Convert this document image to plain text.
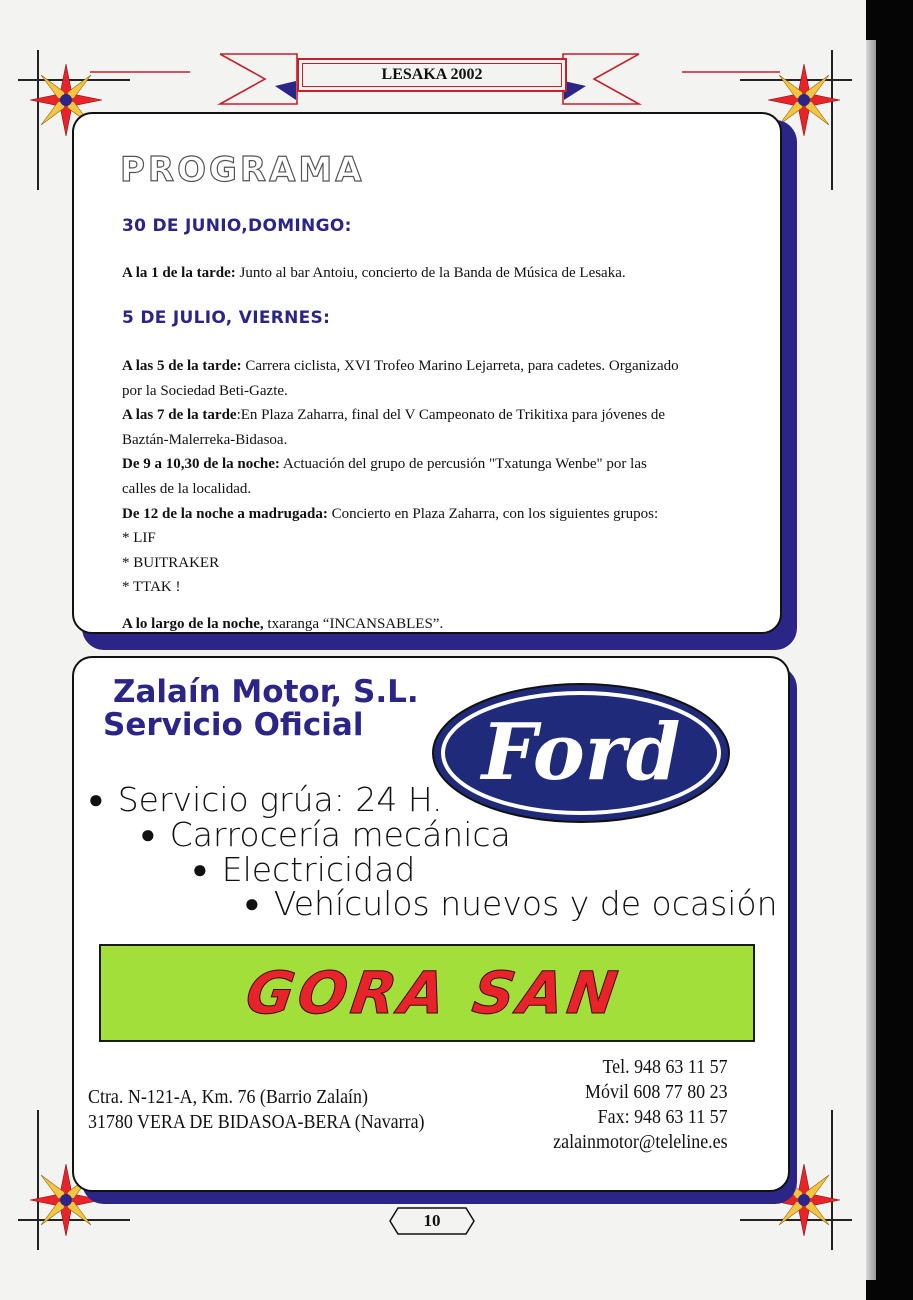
LESAKA 2002
PROGRAMA
30 DE JUNIO,DOMINGO:
A la 1 de la tarde: Junto al bar Antoiu, concierto de la Banda de Música de Lesaka.
5 DE JULIO, VIERNES:
A las 5 de la tarde: Carrera ciclista, XVI Trofeo Marino Lejarreta, para cadetes. Organizado
por la Sociedad Beti-Gazte.
A las 7 de la tarde:En Plaza Zaharra, final del V Campeonato de Trikitixa para jóvenes de
Baztán-Malerreka-Bidasoa.
De 9 a 10,30 de la noche: Actuación del grupo de percusión "Txatunga Wenbe" por las
calles de la localidad.
De 12 de la noche a madrugada: Concierto en Plaza Zaharra, con los siguientes grupos:
* LIF
* BUITRAKER
* TTAK !
A lo largo de la noche, txaranga “INCANSABLES”.
Zalaín Motor, S.L.
Servicio Oficial	Ford
● Servicio grúa: 24 H.
● Carrocería mecánica
● Electricidad
● Vehículos nuevos y de ocasión
GORA SAN
Ctra. N-121-A, Km. 76 (Barrio Zalaín)
31780 VERA DE BIDASOA-BERA (Navarra)
Tel. 948 63 11 57
Móvil 608 77 80 23
Fax: 948 63 11 57
zalainmotor@teleline.es
10
